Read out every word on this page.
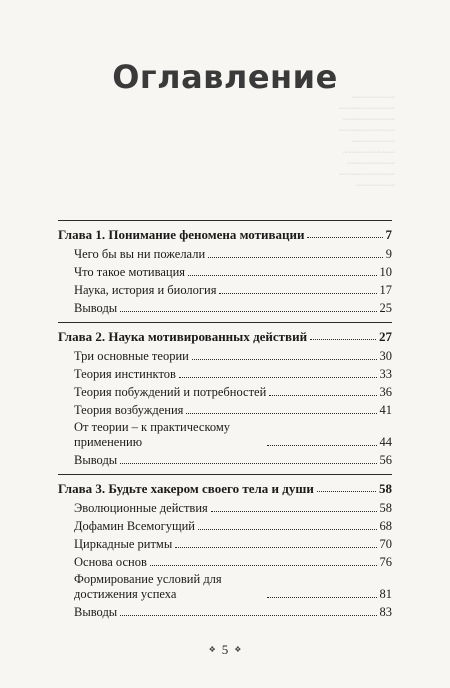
~~~~~~~~~~
~~~~~~~~~~~~~
~~~~~~~~~~~~
~~~~~~~~~~~~~
~~~~~~~~~~
~~~~~~~~~~~~
~~~~~~~~~~~
~~~~~~~~~~~~~
~~~~~~~~~
Оглавление
Глава 1. Понимание феномена мотивации	7
Чего бы вы ни пожелали	9
Что такое мотивация	10
Наука, история и биология	17
Выводы	25
Глава 2. Наука мотивированных действий	27
Три основные теории	30
Теория инстинктов	33
Теория побуждений и потребностей	36
Теория возбуждения	41
От теории – к практическому применению	44
Выводы	56
Глава 3. Будьте хакером своего тела и души	58
Эволюционные действия	58
Дофамин Всемогущий	68
Циркадные ритмы	70
Основа основ	76
Формирование условий для достижения успеха	81
Выводы	83
❖ 5 ❖
